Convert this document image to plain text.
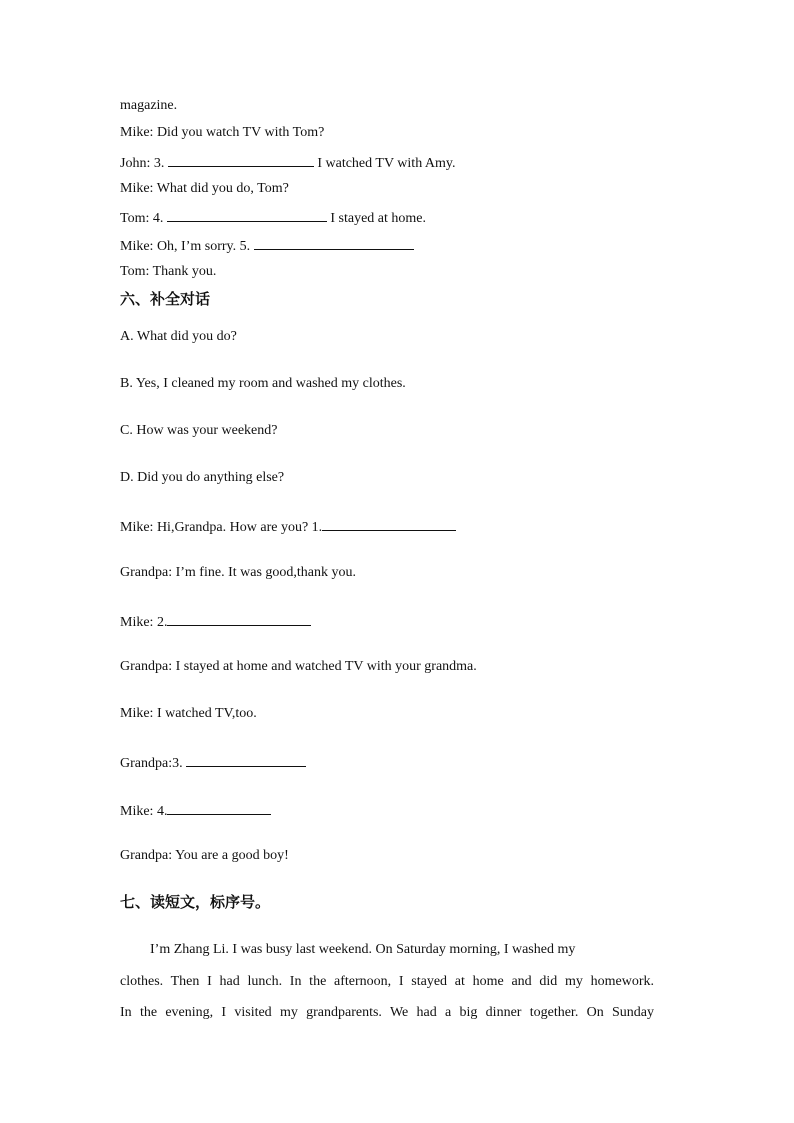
magazine.
Mike: Did you watch TV with Tom?
John: 3.	I watched TV with Amy.
Mike: What did you do, Tom?
Tom: 4.	I stayed at home.
Mike: Oh, I’m sorry. 5.
Tom: Thank you.
六、补全对话
A. What did you do?
B. Yes, I cleaned my room and washed my clothes.
C. How was your weekend?
D. Did you do anything else?
Mike: Hi,Grandpa. How are you? 1.
Grandpa: I’m fine. It was good,thank you.
Mike: 2.
Grandpa: I stayed at home and watched TV with your grandma.
Mike: I watched TV,too.
Grandpa:3.
Mike: 4.
Grandpa: You are a good boy!
七、读短文，标序号。
I’m Zhang Li. I was busy last weekend. On Saturday morning, I washed my
clothes. Then I had lunch. In the afternoon, I stayed at home and did my homework.
In the evening, I visited my grandparents. We had a big dinner together. On Sunday
